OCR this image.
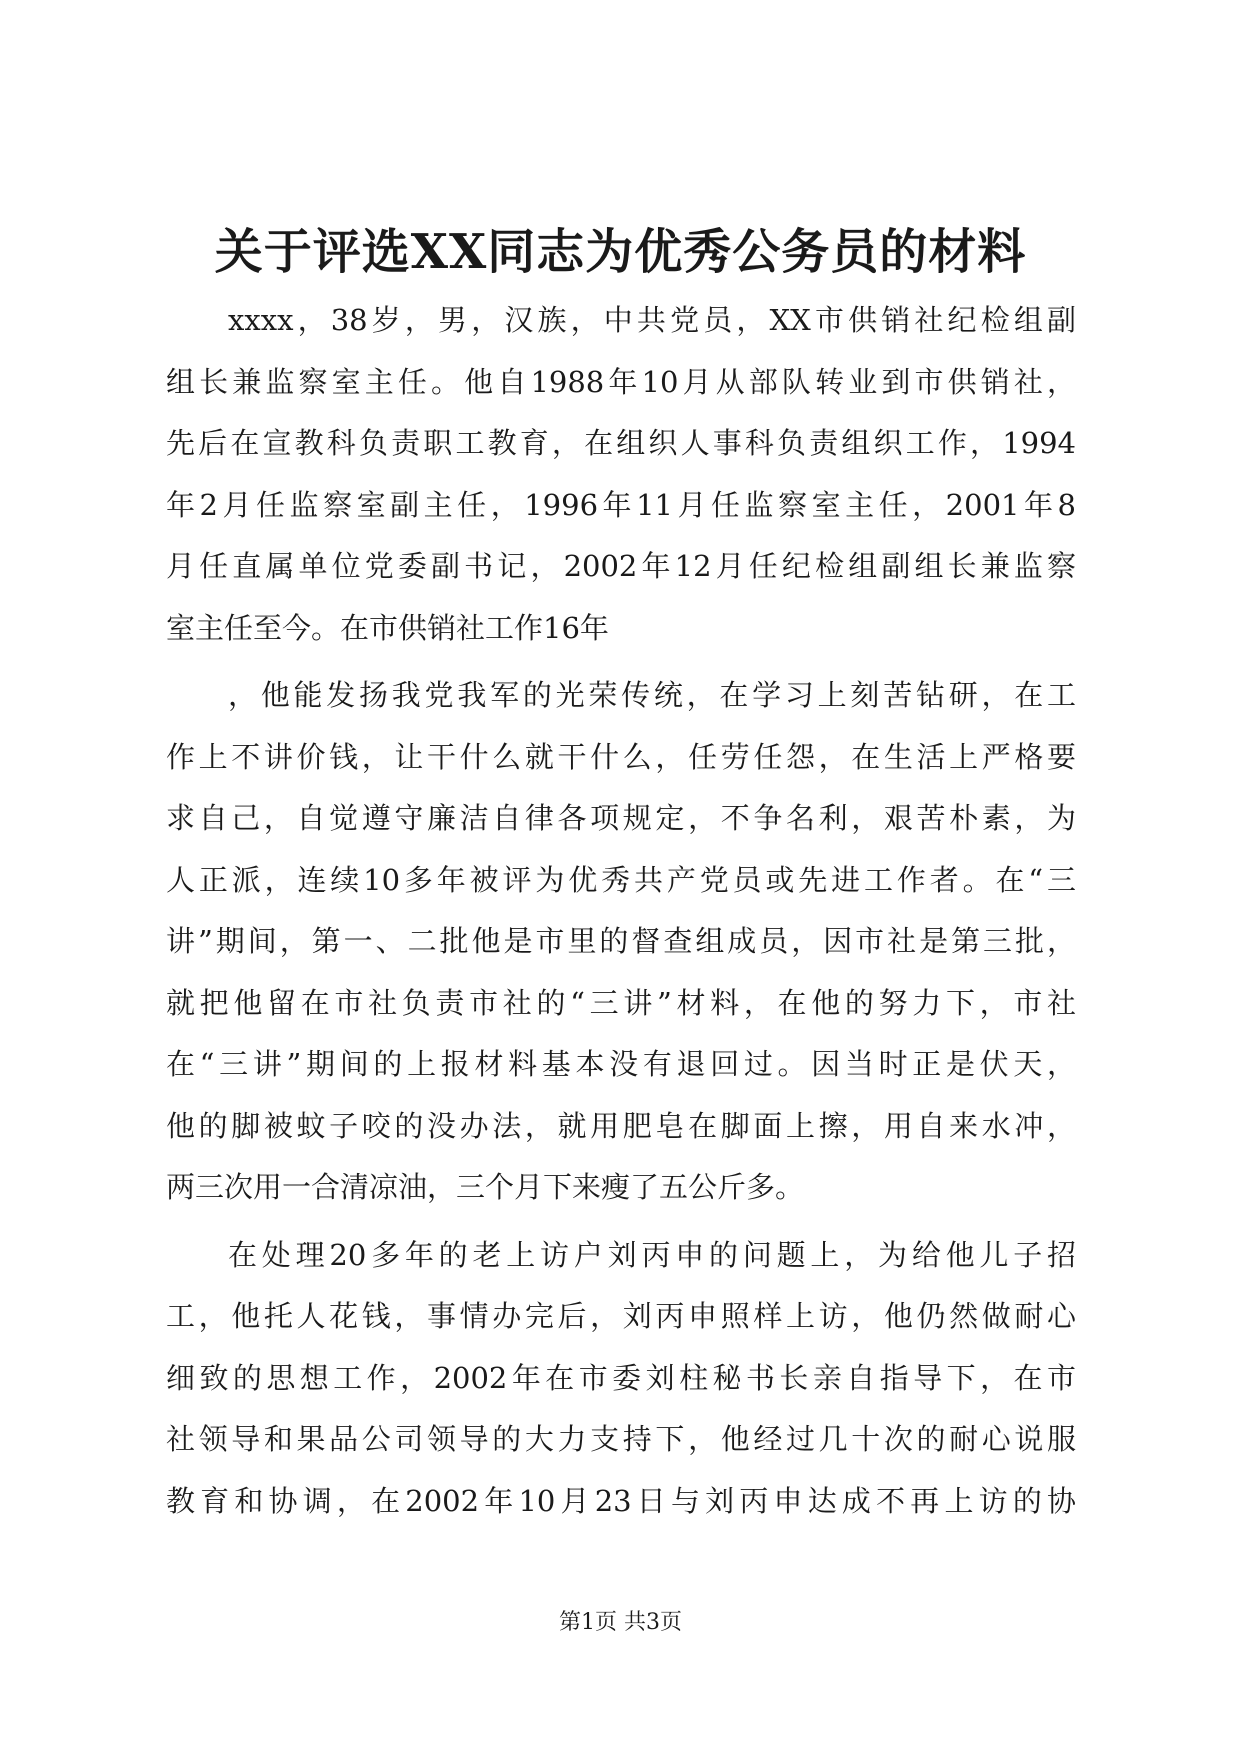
关于评选XX同志为优秀公务员的材料
xxxx，38岁，男，汉族，中共党员，XX市供销社纪检组副
组长兼监察室主任。他自1988年10月从部队转业到市供销社，
先后在宣教科负责职工教育，在组织人事科负责组织工作，1994
年2月任监察室副主任，1996年11月任监察室主任，2001年8
月任直属单位党委副书记，2002年12月任纪检组副组长兼监察
室主任至今。在市供销社工作16年
，他能发扬我党我军的光荣传统，在学习上刻苦钻研，在工
作上不讲价钱，让干什么就干什么，任劳任怨，在生活上严格要
求自己，自觉遵守廉洁自律各项规定，不争名利，艰苦朴素，为
人正派，连续10多年被评为优秀共产党员或先进工作者。在“三
讲”期间，第一、二批他是市里的督查组成员，因市社是第三批，
就把他留在市社负责市社的“三讲”材料，在他的努力下，市社
在“三讲”期间的上报材料基本没有退回过。因当时正是伏天，
他的脚被蚊子咬的没办法，就用肥皂在脚面上擦，用自来水冲，
两三次用一合清凉油，三个月下来瘦了五公斤多。
在处理20多年的老上访户刘丙申的问题上，为给他儿子招
工，他托人花钱，事情办完后，刘丙申照样上访，他仍然做耐心
细致的思想工作，2002年在市委刘柱秘书长亲自指导下，在市
社领导和果品公司领导的大力支持下，他经过几十次的耐心说服
教育和协调，在2002年10月23日与刘丙申达成不再上访的协
第1页 共3页
